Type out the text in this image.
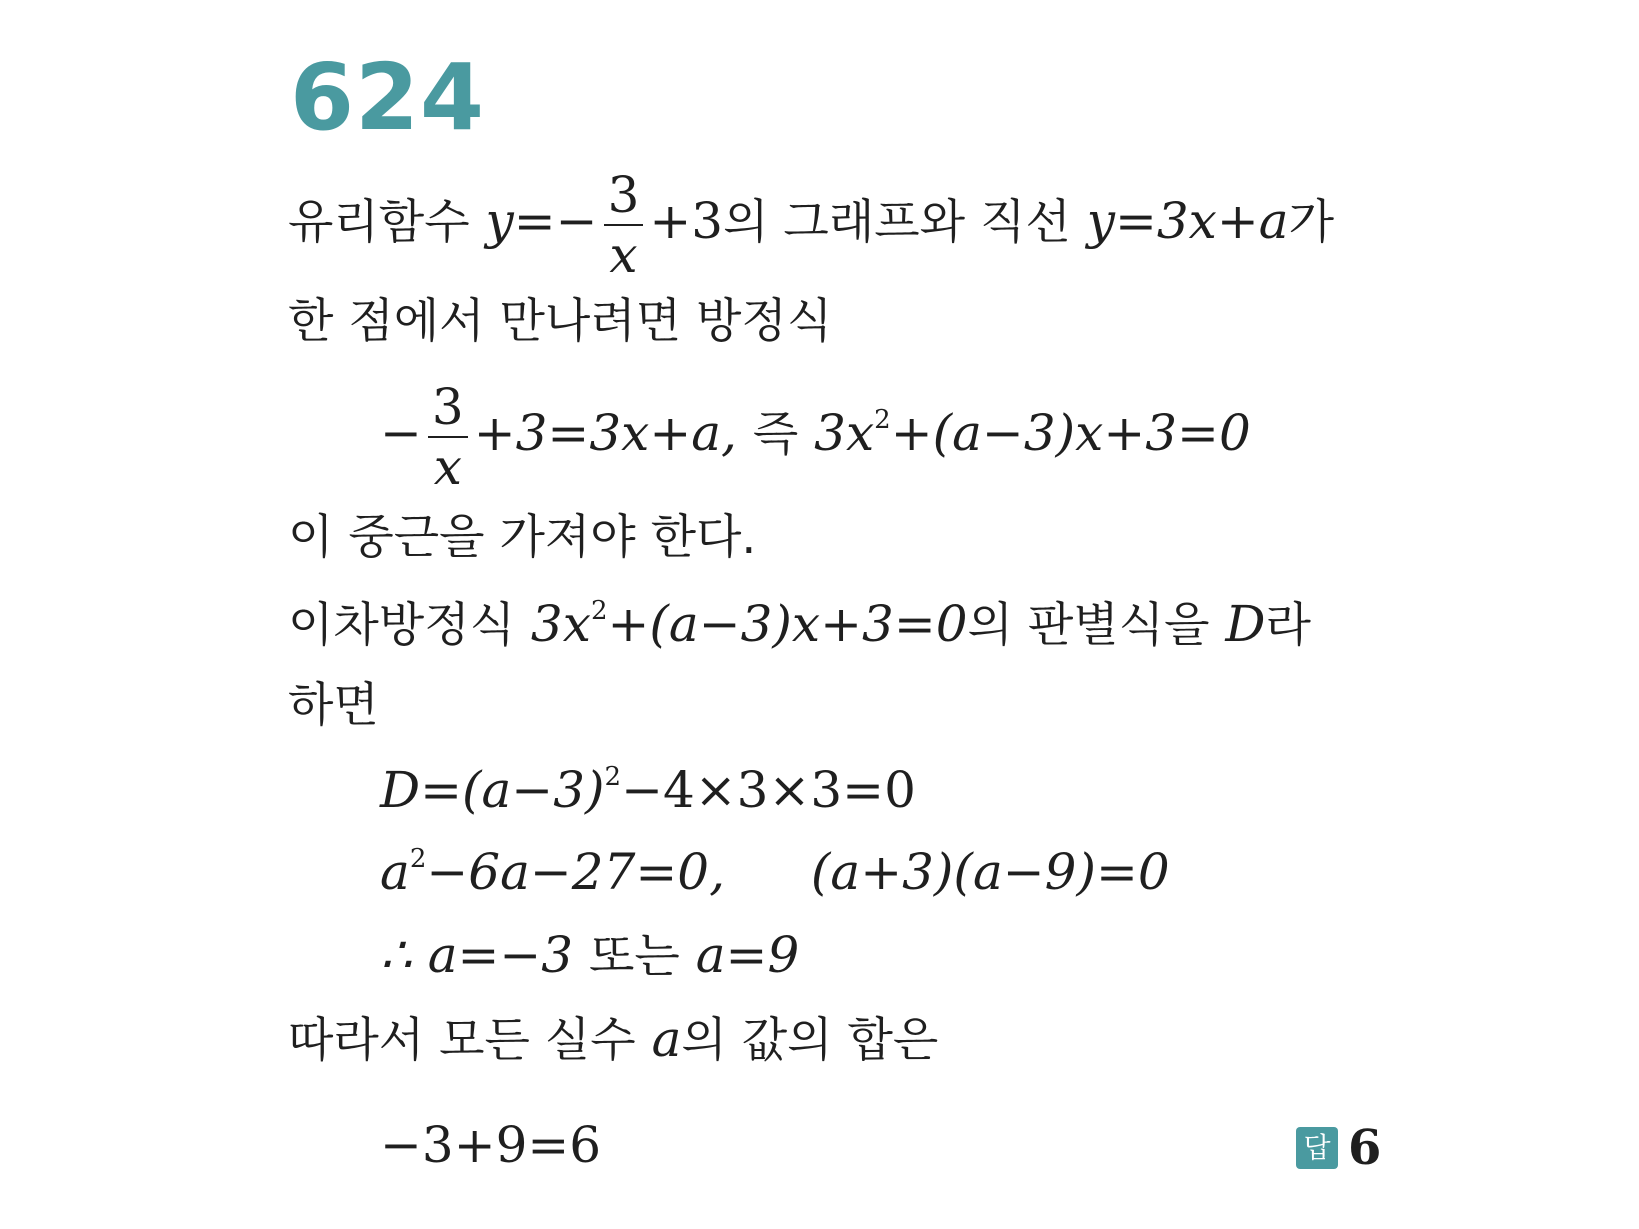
624
유리함수 $y=- \frac{3}{x} +3$의 그래프와 직선 y=3x+a가
한 점에서 만나려면 방정식
− $\frac{3}{x} +3=3x+a$, 즉 $3x^2+(a-3)x+3=0$
이 중근을 가져야 한다.
이차방정식 $3x^2+(a-3)x+3=0$의 판별식을 D라
하면
$D=(a-3)^2-4\times 3\times 3=0$
$a^2-6a-27=0$, (a+3)(a−9)=0
∴ a=−3 또는 a=9
따라서 모든 실수 a의 값의 합은
−3+9=6	답 6
